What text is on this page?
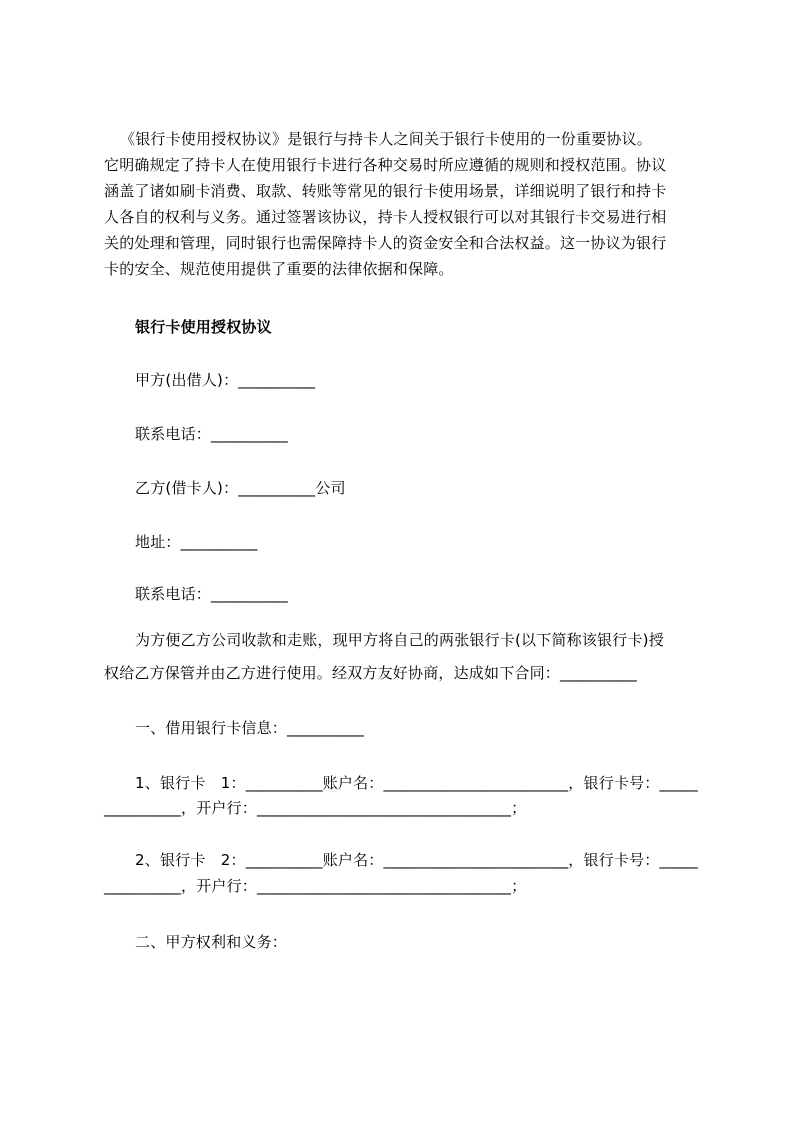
《银行卡使用授权协议》是银行与持卡人之间关于银行卡使用的一份重要协议。
它明确规定了持卡人在使用银行卡进行各种交易时所应遵循的规则和授权范围。协议
涵盖了诸如刷卡消费、取款、转账等常见的银行卡使用场景，详细说明了银行和持卡
人各自的权利与义务。通过签署该协议，持卡人授权银行可以对其银行卡交易进行相
关的处理和管理，同时银行也需保障持卡人的资金安全和合法权益。这一协议为银行
卡的安全、规范使用提供了重要的法律依据和保障。
银行卡使用授权协议
甲方(出借人)：__________
联系电话：__________
乙方(借卡人)：__________公司
地址：__________
联系电话：__________
为方便乙方公司收款和走账，现甲方将自己的两张银行卡(以下简称该银行卡)授
权给乙方保管并由乙方进行使用。经双方友好协商，达成如下合同：__________
一、借用银行卡信息：__________
1、银行卡　1：__________账户名：________________________，银行卡号：_____
__________，开户行：_________________________________；
2、银行卡　2：__________账户名：________________________，银行卡号：_____
__________，开户行：_________________________________；
二、甲方权利和义务：
